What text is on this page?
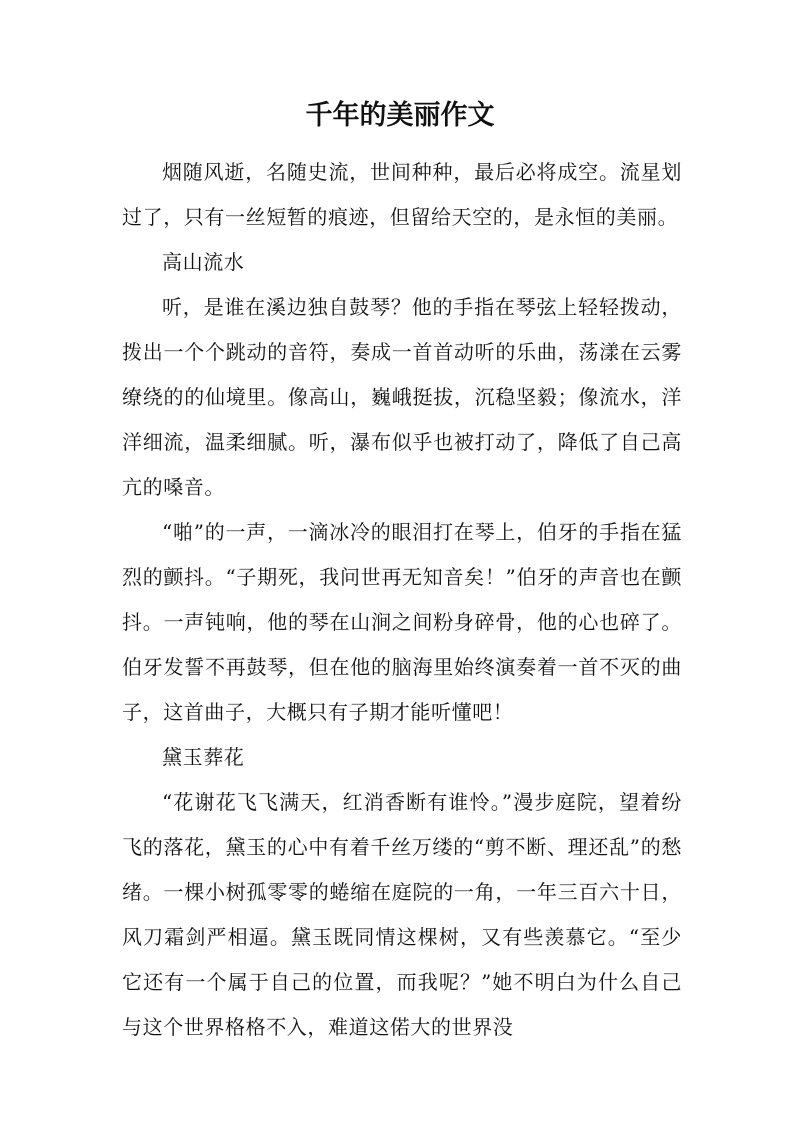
千年的美丽作文

烟随风逝，名随史流，世间种种，最后必将成空。流星划过了，只有一丝短暂的痕迹，但留给天空的，是永恒的美丽。

高山流水

听，是谁在溪边独自鼓琴？他的手指在琴弦上轻轻拨动，拨出一个个跳动的音符，奏成一首首动听的乐曲，荡漾在云雾缭绕的的仙境里。像高山，巍峨挺拔，沉稳坚毅；像流水，洋洋细流，温柔细腻。听，瀑布似乎也被打动了，降低了自己高亢的嗓音。

“啪”的一声，一滴冰冷的眼泪打在琴上，伯牙的手指在猛烈的颤抖。“子期死，我问世再无知音矣！”伯牙的声音也在颤抖。一声钝响，他的琴在山涧之间粉身碎骨，他的心也碎了。伯牙发誓不再鼓琴，但在他的脑海里始终演奏着一首不灭的曲子，这首曲子，大概只有子期才能听懂吧！

黛玉葬花

“花谢花飞飞满天，红消香断有谁怜。”漫步庭院，望着纷飞的落花，黛玉的心中有着千丝万缕的“剪不断、理还乱”的愁绪。一棵小树孤零零的蜷缩在庭院的一角，一年三百六十日，风刀霜剑严相逼。黛玉既同情这棵树，又有些羡慕它。“至少它还有一个属于自己的位置，而我呢？”她不明白为什么自己与这个世界格格不入，难道这偌大的世界没
